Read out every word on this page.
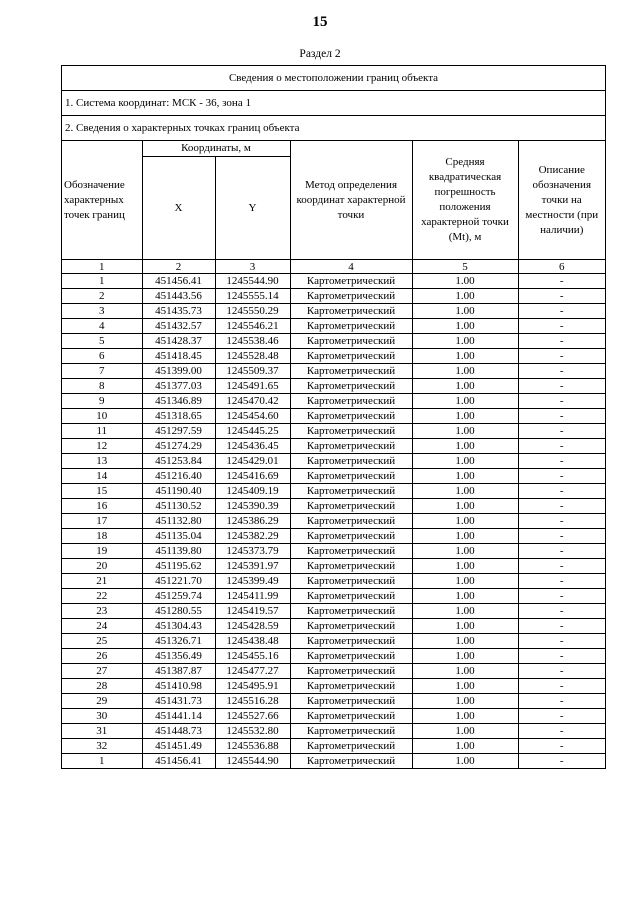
15
Раздел 2
Сведения о местоположении границ объекта
1. Система координат: МСК - 36, зона 1
2. Сведения о характерных точках границ объекта
Обозначение характерных точек границ	Координаты, м		Метод определения координат характерной точки	Средняя квадратическая погрешность положения характерной точки (Mt), м	Описание обозначения точки на местности (при наличии)
	X	Y			
1	2	3	4	5	6
1	451456.41	1245544.90	Картометрический	1.00	-
2	451443.56	1245555.14	Картометрический	1.00	-
3	451435.73	1245550.29	Картометрический	1.00	-
4	451432.57	1245546.21	Картометрический	1.00	-
5	451428.37	1245538.46	Картометрический	1.00	-
6	451418.45	1245528.48	Картометрический	1.00	-
7	451399.00	1245509.37	Картометрический	1.00	-
8	451377.03	1245491.65	Картометрический	1.00	-
9	451346.89	1245470.42	Картометрический	1.00	-
10	451318.65	1245454.60	Картометрический	1.00	-
11	451297.59	1245445.25	Картометрический	1.00	-
12	451274.29	1245436.45	Картометрический	1.00	-
13	451253.84	1245429.01	Картометрический	1.00	-
14	451216.40	1245416.69	Картометрический	1.00	-
15	451190.40	1245409.19	Картометрический	1.00	-
16	451130.52	1245390.39	Картометрический	1.00	-
17	451132.80	1245386.29	Картометрический	1.00	-
18	451135.04	1245382.29	Картометрический	1.00	-
19	451139.80	1245373.79	Картометрический	1.00	-
20	451195.62	1245391.97	Картометрический	1.00	-
21	451221.70	1245399.49	Картометрический	1.00	-
22	451259.74	1245411.99	Картометрический	1.00	-
23	451280.55	1245419.57	Картометрический	1.00	-
24	451304.43	1245428.59	Картометрический	1.00	-
25	451326.71	1245438.48	Картометрический	1.00	-
26	451356.49	1245455.16	Картометрический	1.00	-
27	451387.87	1245477.27	Картометрический	1.00	-
28	451410.98	1245495.91	Картометрический	1.00	-
29	451431.73	1245516.28	Картометрический	1.00	-
30	451441.14	1245527.66	Картометрический	1.00	-
31	451448.73	1245532.80	Картометрический	1.00	-
32	451451.49	1245536.88	Картометрический	1.00	-
1	451456.41	1245544.90	Картометрический	1.00	-
